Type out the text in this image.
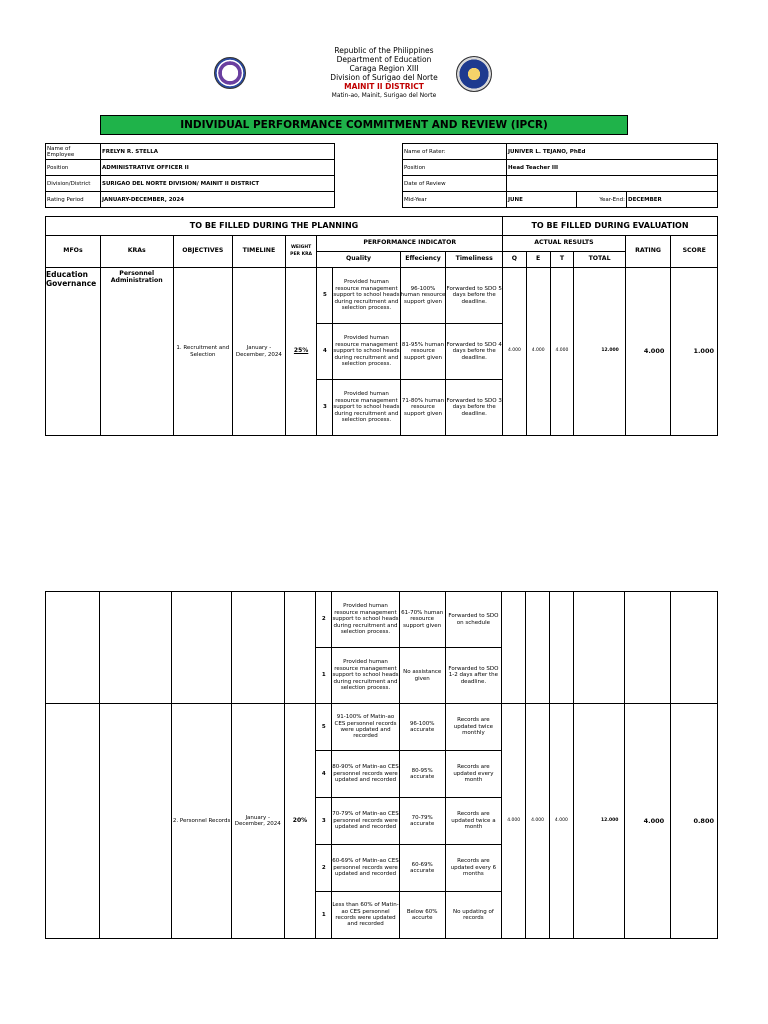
Republic of the Philippines
Department of Education
Caraga Region XIII
Division of Surigao del Norte
MAINIT II DISTRICT
Matin-ao, Mainit, Surigao del Norte
INDIVIDUAL PERFORMANCE COMMITMENT AND REVIEW (IPCR)
Name of Employee	FRELYN R. STELLA
Position	ADMINISTRATIVE OFFICER II
Division/District	SURIGAO DEL NORTE DIVISION/ MAINIT II DISTRICT
Rating Period	JANUARY-DECEMBER, 2024
Name of Rater:	JUNIVER L. TEJANO, PhEd		
Position	Head Teacher III		
Date of Review			
Mid-Year	JUNE	Year-End:	DECEMBER
TO BE FILLED DURING THE PLANNING									TO BE FILLED DURING EVALUATION					
MFOs	KRAs	OBJECTIVES	TIMELINE	WEIGHT PER KRA	PERFORMANCE INDICATOR				ACTUAL RESULTS				RATING	SCORE
					Quality		Effeciency	Timeliness	Q	E	T	TOTAL		
Education Governance	Personnel Administration	1. Recruitment and Selection	January - December, 2024	25%	5	Provided human resource management support to school heads during recruitment and selection process.	96-100% human resource support given	Forwarded to SDO 5 days before the deadline.	4.000	4.000	4.000	12.000	4.000	1.000
					4	Provided human resource management support to school heads during recruitment and selection process.	81-95% human resource support given	Forwarded to SDO 4 days before the deadline.						
					3	Provided human resource management support to school heads during recruitment and selection process.	71-80% human resource support given	Forwarded to SDO 3 days before the deadline.						
					2	Provided human resource management support to school heads during recruitment and selection process.	61-70% human resource support given	Forwarded to SDO on schedule						
					1	Provided human resource management support to school heads during recruitment and selection process.	No assistance given	Forwarded to SDO 1-2 days after the deadline.						
		2. Personnel Records	January - December, 2024	20%	5	91-100% of Matin-ao CES personnel records were updated and recorded	96-100% accurate	Records are updated twice monthly	4.000	4.000	4.000	12.000	4.000	0.800
					4	80-90% of Matin-ao CES personnel records were updated and recorded	80-95% accurate	Records are updated every month						
					3	70-79% of Matin-ao CES personnel records were updated and recorded	70-79% accurate	Records are updated twice a month						
					2	60-69% of Matin-ao CES personnel records were updated and recorded	60-69% accurate	Records are updated every 6 months						
					1	Less than 60% of Matin-ao CES personnel records were updated and recorded	Below 60% accurte	No updating of records						
